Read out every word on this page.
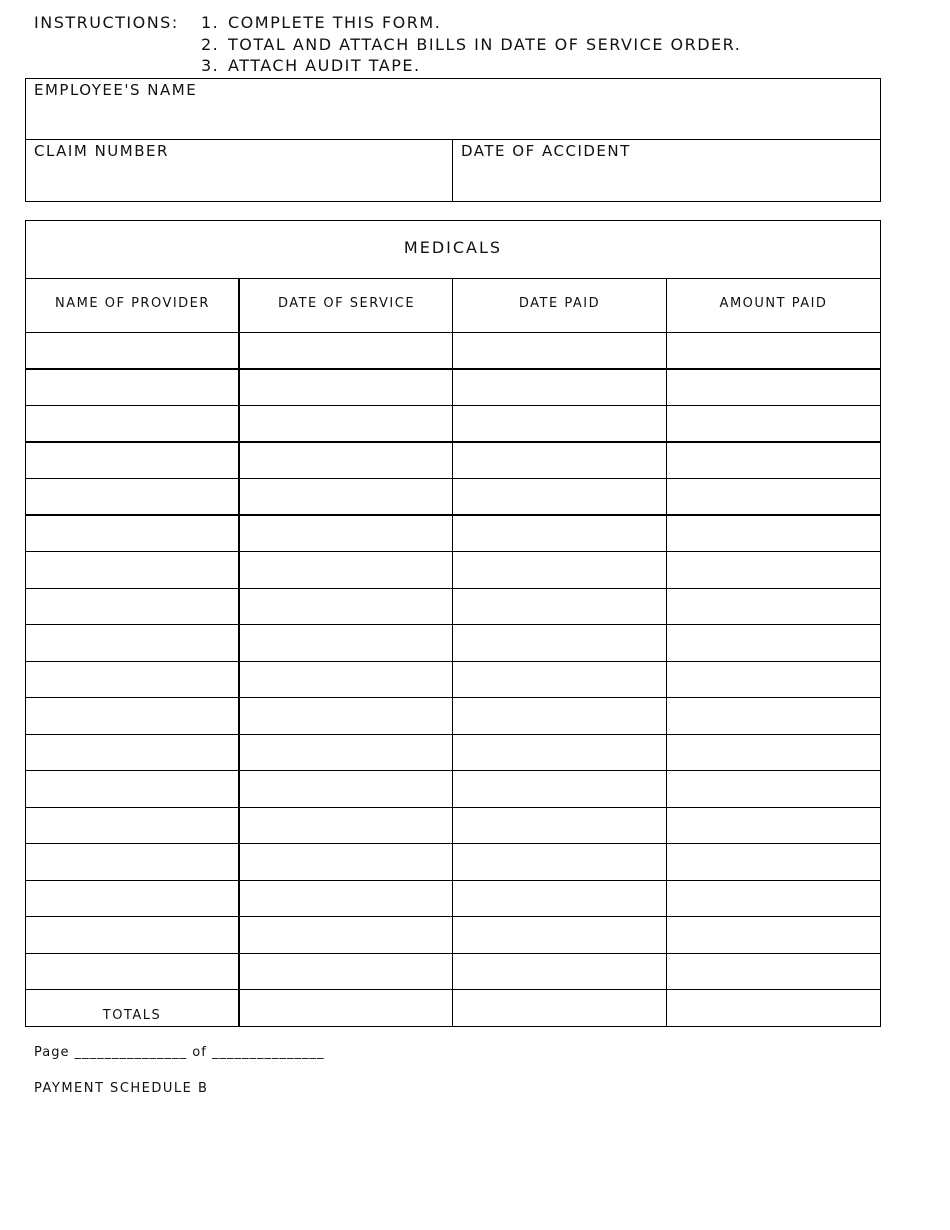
INSTRUCTIONS: 1. COMPLETE THIS FORM.
2. TOTAL AND ATTACH BILLS IN DATE OF SERVICE ORDER.
3. ATTACH AUDIT TAPE.
EMPLOYEE'S NAME
CLAIM NUMBER	DATE OF ACCIDENT
MEDICALS
NAME OF PROVIDER	DATE OF SERVICE	DATE PAID	AMOUNT PAID
TOTALS
Page _______________ of _______________
PAYMENT SCHEDULE B
